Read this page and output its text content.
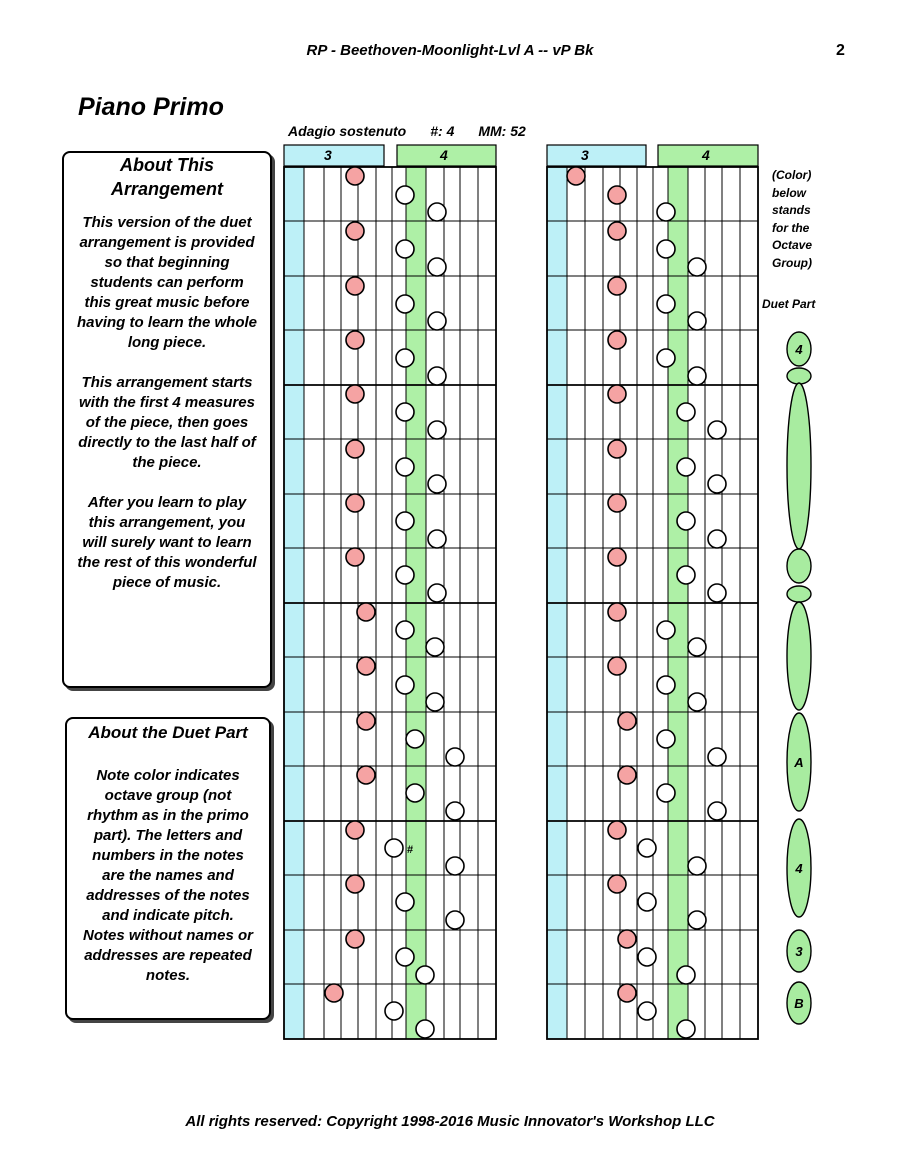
RP - Beethoven-Moonlight-Lvl A -- vP Bk	2
Piano Primo
Adagio sostenuto #: 4 MM: 52
About This
Arrangement

This version of the duet
arrangement is provided
so that beginning
students can perform
this great music before
having to learn the whole
long piece.

This arrangement starts
with the first 4 measures
of the piece, then goes
directly to the last half of
the piece.

After you learn to play
this arrangement, you
will surely want to learn
the rest of this wonderful
piece of music.

About the Duet Part

Note color indicates
octave group (not
rhythm as in the primo
part). The letters and
numbers in the notes
are the names and
addresses of the notes
and indicate pitch.
Notes without names or
addresses are repeated
notes.

(Color)
below
stands
for the
Octave
Group)
Duet Part
3	4
#
3	4
4
A
4
3
B
All rights reserved: Copyright 1998-2016 Music Innovator's Workshop LLC
